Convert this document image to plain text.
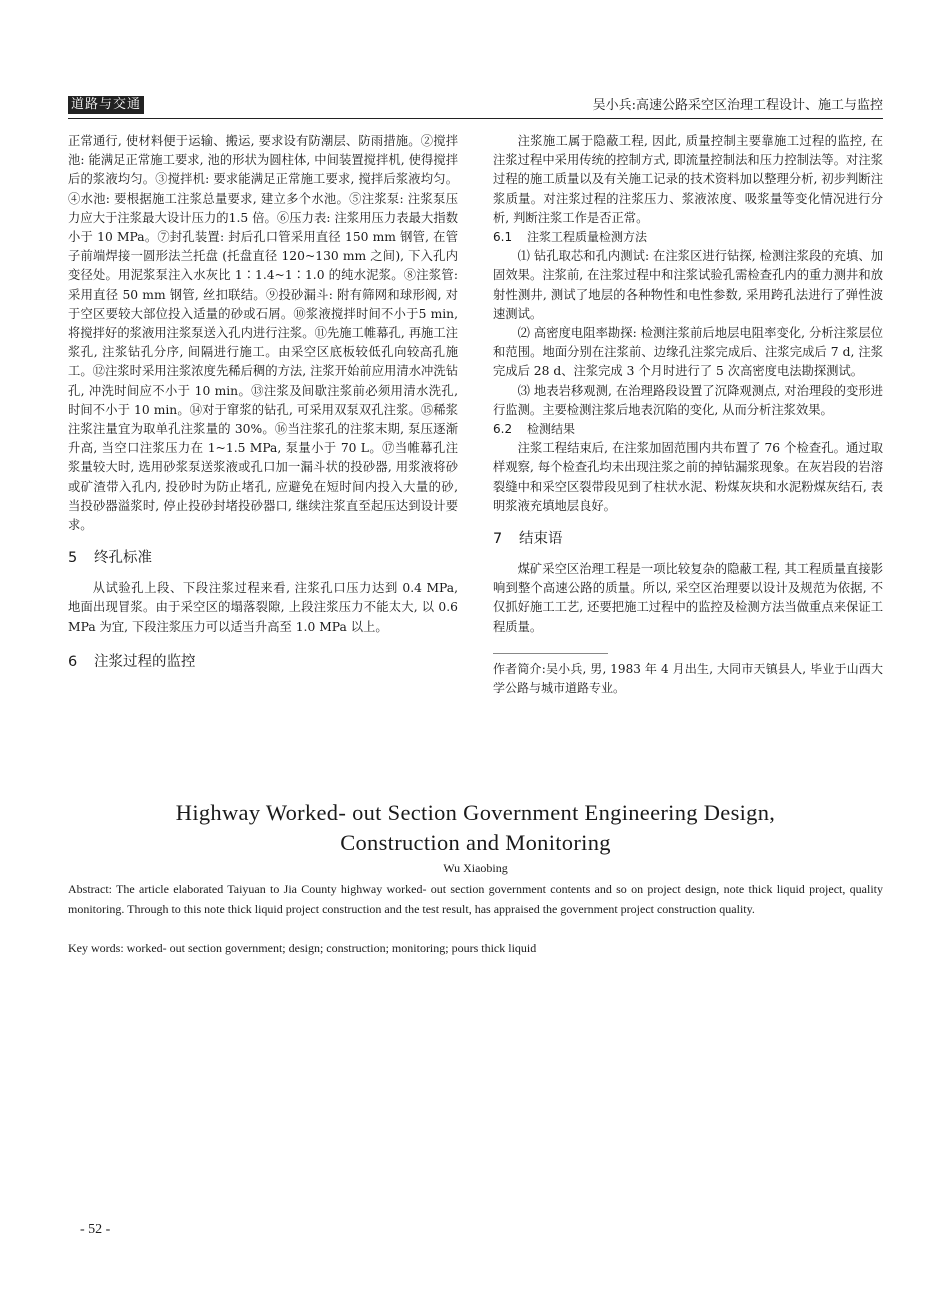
道路与交通	吴小兵:高速公路采空区治理工程设计、施工与监控

正常通行, 使材料便于运输、搬运, 要求设有防潮层、防雨措施。②搅拌池: 能满足正常施工要求, 池的形状为圆柱体, 中间装置搅拌机, 使得搅拌后的浆液均匀。③搅拌机: 要求能满足正常施工要求, 搅拌后浆液均匀。④水池: 要根据施工注浆总量要求, 建立多个水池。⑤注浆泵: 注浆泵压力应大于注浆最大设计压力的1.5 倍。⑥压力表: 注浆用压力表最大指数小于 10 MPa。⑦封孔装置: 封后孔口管采用直径 150 mm 钢管, 在管子前端焊接一圆形法兰托盘 (托盘直径 120~130 mm 之间), 下入孔内变径处。用泥浆泵注入水灰比 1∶1.4~1∶1.0 的纯水泥浆。⑧注浆管: 采用直径 50 mm 钢管, 丝扣联结。⑨投砂漏斗: 附有筛网和球形阀, 对于空区要较大部位投入适量的砂或石屑。⑩浆液搅拌时间不小于5 min, 将搅拌好的浆液用注浆泵送入孔内进行注浆。⑪先施工帷幕孔, 再施工注浆孔, 注浆钻孔分序, 间隔进行施工。由采空区底板较低孔向较高孔施工。⑫注浆时采用注浆浓度先稀后稠的方法, 注浆开始前应用清水冲洗钻孔, 冲洗时间应不小于 10 min。⑬注浆及间歇注浆前必须用清水洗孔, 时间不小于 10 min。⑭对于窜浆的钻孔, 可采用双泵双孔注浆。⑮稀浆注浆注量宜为取单孔注浆量的 30%。⑯当注浆孔的注浆末期, 泵压逐渐升高, 当空口注浆压力在 1~1.5 MPa, 泵量小于 70 L。⑰当帷幕孔注浆量较大时, 选用砂浆泵送浆液或孔口加一漏斗状的投砂器, 用浆液将砂或矿渣带入孔内, 投砂时为防止堵孔, 应避免在短时间内投入大量的砂, 当投砂器溢浆时, 停止投砂封堵投砂器口, 继续注浆直至起压达到设计要求。

5 终孔标准

从试验孔上段、下段注浆过程来看, 注浆孔口压力达到 0.4 MPa, 地面出现冒浆。由于采空区的塌落裂隙, 上段注浆压力不能太大, 以 0.6 MPa 为宜, 下段注浆压力可以适当升高至 1.0 MPa 以上。

6 注浆过程的监控

注浆施工属于隐蔽工程, 因此, 质量控制主要靠施工过程的监控, 在注浆过程中采用传统的控制方式, 即流量控制法和压力控制法等。对注浆过程的施工质量以及有关施工记录的技术资料加以整理分析, 初步判断注浆质量。对注浆过程的注浆压力、浆液浓度、吸浆量等变化情况进行分析, 判断注浆工作是否正常。

6.1 注浆工程质量检测方法

⑴ 钻孔取芯和孔内测试: 在注浆区进行钻探, 检测注浆段的充填、加固效果。注浆前, 在注浆过程中和注浆试验孔需检查孔内的重力测井和放射性测井, 测试了地层的各种物性和电性参数, 采用跨孔法进行了弹性波速测试。

⑵ 高密度电阻率勘探: 检测注浆前后地层电阻率变化, 分析注浆层位和范围。地面分别在注浆前、边缘孔注浆完成后、注浆完成后 7 d, 注浆完成后 28 d、注浆完成 3 个月时进行了 5 次高密度电法勘探测试。

⑶ 地表岩移观测, 在治理路段设置了沉降观测点, 对治理段的变形进行监测。主要检测注浆后地表沉陷的变化, 从而分析注浆效果。

6.2 检测结果

注浆工程结束后, 在注浆加固范围内共布置了 76 个检查孔。通过取样观察, 每个检查孔均未出现注浆之前的掉钻漏浆现象。在灰岩段的岩溶裂缝中和采空区裂带段见到了柱状水泥、粉煤灰块和水泥粉煤灰结石, 表明浆液充填地层良好。

7 结束语

煤矿采空区治理工程是一项比较复杂的隐蔽工程, 其工程质量直接影响到整个高速公路的质量。所以, 采空区治理要以设计及规范为依据, 不仅抓好施工工艺, 还要把施工过程中的监控及检测方法当做重点来保证工程质量。

作者简介:吴小兵, 男, 1983 年 4 月出生, 大同市天镇县人, 毕业于山西大学公路与城市道路专业。

Highway Worked- out Section Government Engineering Design,
Construction and Monitoring
Wu Xiaobing
Abstract: The article elaborated Taiyuan to Jia County highway worked- out section government contents and so on project design, note thick liquid project, quality monitoring. Through to this note thick liquid project construction and the test result, has appraised the government project construction quality.
Key words: worked- out section government; design; construction; monitoring; pours thick liquid
- 52 -
